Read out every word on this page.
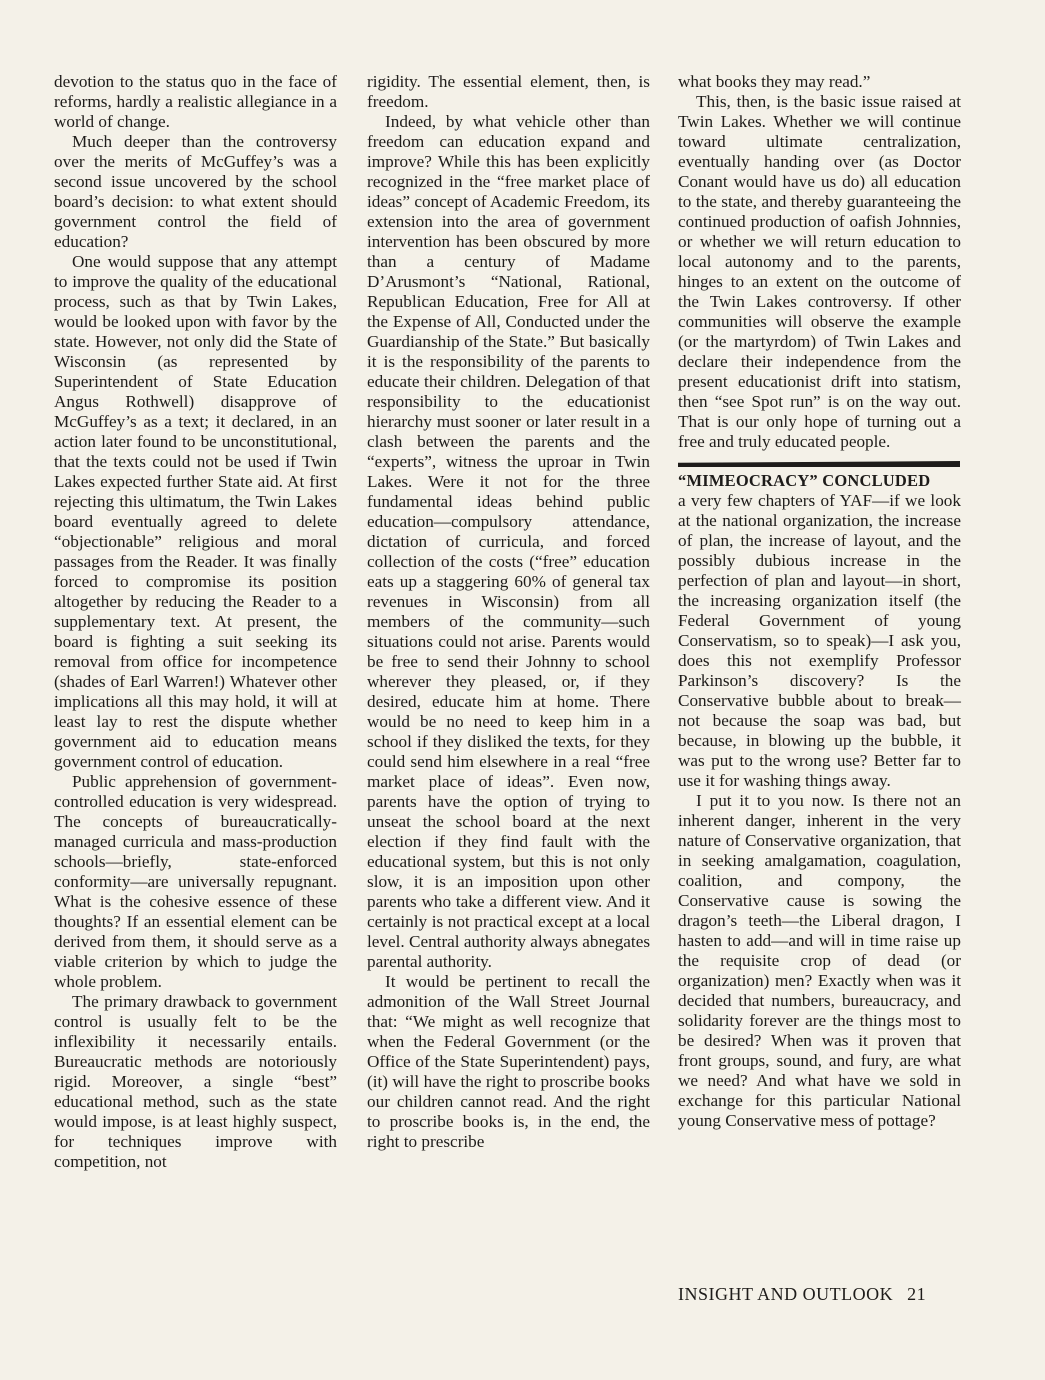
devotion to the status quo in the face of reforms, hardly a realistic allegiance in a world of change.

Much deeper than the controversy over the merits of McGuffey’s was a second issue uncovered by the school board’s decision: to what extent should government control the field of education?

One would suppose that any attempt to improve the quality of the educational process, such as that by Twin Lakes, would be looked upon with favor by the state. However, not only did the State of Wisconsin (as represented by Superintendent of State Education Angus Rothwell) disapprove of McGuffey’s as a text; it declared, in an action later found to be unconstitutional, that the texts could not be used if Twin Lakes expected further State aid. At first rejecting this ultimatum, the Twin Lakes board eventually agreed to delete “objectionable” religious and moral passages from the Reader. It was finally forced to compromise its position altogether by reducing the Reader to a supplementary text. At present, the board is fighting a suit seeking its removal from office for incompetence (shades of Earl Warren!) Whatever other implications all this may hold, it will at least lay to rest the dispute whether government aid to education means government control of education.

Public apprehension of government-controlled education is very widespread. The concepts of bureaucratically-managed curricula and mass-production schools—briefly, state-enforced conformity—are universally repugnant. What is the cohesive essence of these thoughts? If an essential element can be derived from them, it should serve as a viable criterion by which to judge the whole problem.

The primary drawback to government control is usually felt to be the inflexibility it necessarily entails. Bureaucratic methods are notoriously rigid. Moreover, a single “best” educational method, such as the state would impose, is at least highly suspect, for techniques improve with competition, not

rigidity. The essential element, then, is freedom.

Indeed, by what vehicle other than freedom can education expand and improve? While this has been explicitly recognized in the “free market place of ideas” concept of Academic Freedom, its extension into the area of government intervention has been obscured by more than a century of Madame D’Arusmont’s “National, Rational, Republican Education, Free for All at the Expense of All, Conducted under the Guardianship of the State.” But basically it is the responsibility of the parents to educate their children. Delegation of that responsibility to the educationist hierarchy must sooner or later result in a clash between the parents and the “experts”, witness the uproar in Twin Lakes. Were it not for the three fundamental ideas behind public education—compulsory attendance, dictation of curricula, and forced collection of the costs (“free” education eats up a staggering 60% of general tax revenues in Wisconsin) from all members of the community—such situations could not arise. Parents would be free to send their Johnny to school wherever they pleased, or, if they desired, educate him at home. There would be no need to keep him in a school if they disliked the texts, for they could send him elsewhere in a real “free market place of ideas”. Even now, parents have the option of trying to unseat the school board at the next election if they find fault with the educational system, but this is not only slow, it is an imposition upon other parents who take a different view. And it certainly is not practical except at a local level. Central authority always abnegates parental authority.

It would be pertinent to recall the admonition of the Wall Street Journal that: “We might as well recognize that when the Federal Government (or the Office of the State Superintendent) pays, (it) will have the right to proscribe books our children cannot read. And the right to proscribe books is, in the end, the right to prescribe

what books they may read.”

This, then, is the basic issue raised at Twin Lakes. Whether we will continue toward ultimate centralization, eventually handing over (as Doctor Conant would have us do) all education to the state, and thereby guaranteeing the continued production of oafish Johnnies, or whether we will return education to local autonomy and to the parents, hinges to an extent on the outcome of the Twin Lakes controversy. If other communities will observe the example (or the martyrdom) of Twin Lakes and declare their independence from the present educationist drift into statism, then “see Spot run” is on the way out. That is our only hope of turning out a free and truly educated people.

“MIMEOCRACY” CONCLUDED

a very few chapters of YAF—if we look at the national organization, the increase of plan, the increase of layout, and the possibly dubious increase in the perfection of plan and layout—in short, the increasing organization itself (the Federal Government of young Conservatism, so to speak)—I ask you, does this not exemplify Professor Parkinson’s discovery? Is the Conservative bubble about to break—not because the soap was bad, but because, in blowing up the bubble, it was put to the wrong use? Better far to use it for washing things away.

I put it to you now. Is there not an inherent danger, inherent in the very nature of Conservative organization, that in seeking amalgamation, coagulation, coalition, and compony, the Conservative cause is sowing the dragon’s teeth—the Liberal dragon, I hasten to add—and will in time raise up the requisite crop of dead (or organization) men? Exactly when was it decided that numbers, bureaucracy, and solidarity forever are the things most to be desired? When was it proven that front groups, sound, and fury, are what we need? And what have we sold in exchange for this particular National young Conservative mess of pottage?

INSIGHT AND OUTLOOK 21
